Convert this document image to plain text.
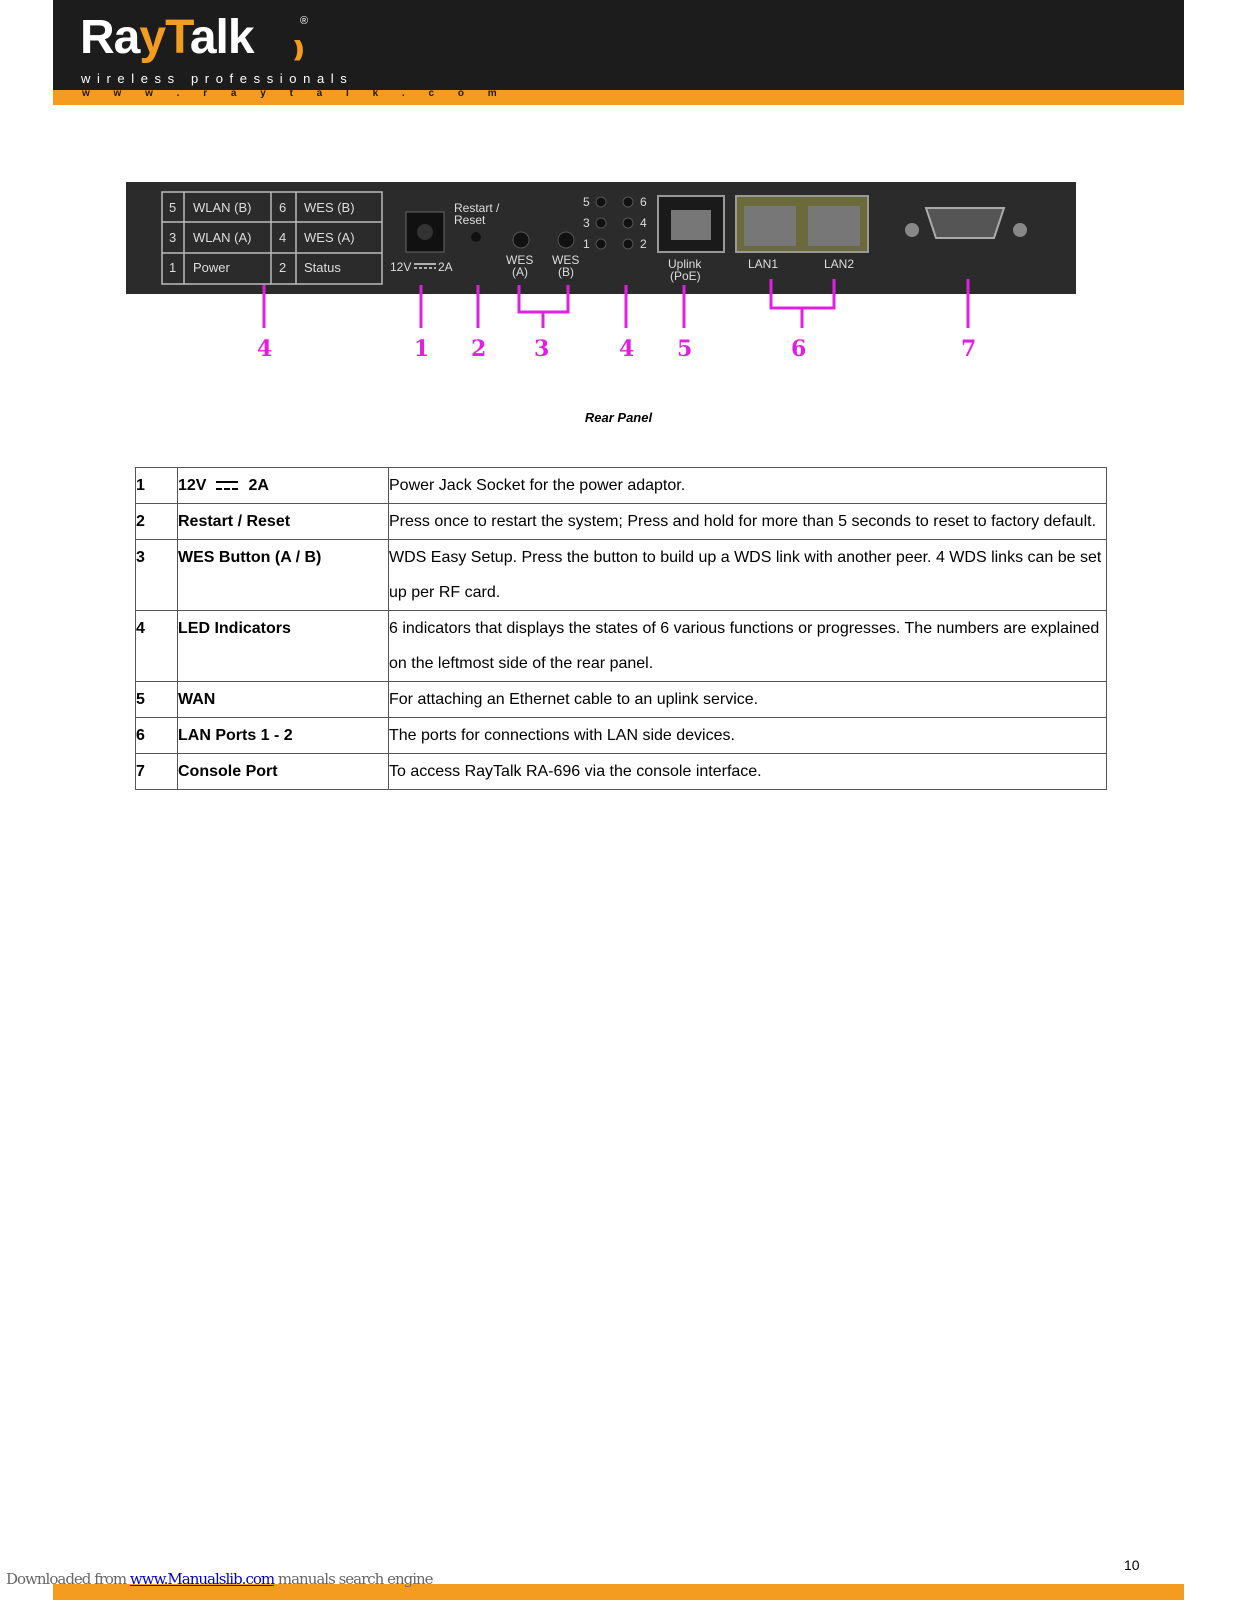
RayTalk	®
)))
wireless professionals
w w w . r a y t a l k . c o m
5 WLAN (B) 6 WES (B)
3 WLAN (A) 4 WES (A)
1 Power	2 Status	12V 2A
Restart /
Reset
WES
(A)
WES
(B)
5	6
3	4
1	2
Uplink
(PoE)
LAN1	LAN2
4	1 2 3	4 5	6	7
Rear Panel
1	12V 2A	Power Jack Socket for the power adaptor.
2	Restart / Reset	Press once to restart the system; Press and hold for more than 5 seconds to reset to factory default.
3	WES Button (A / B)	WDS Easy Setup. Press the button to build up a WDS link with another peer. 4 WDS links can be set up per RF card.
4	LED Indicators	6 indicators that displays the states of 6 various functions or progresses. The numbers are explained on the leftmost side of the rear panel.
5	WAN	For attaching an Ethernet cable to an uplink service.
6	LAN Ports 1 - 2	The ports for connections with LAN side devices.
7	Console Port	To access RayTalk RA-696 via the console interface.
10
Downloaded from www.Manualslib.com manuals search engine
